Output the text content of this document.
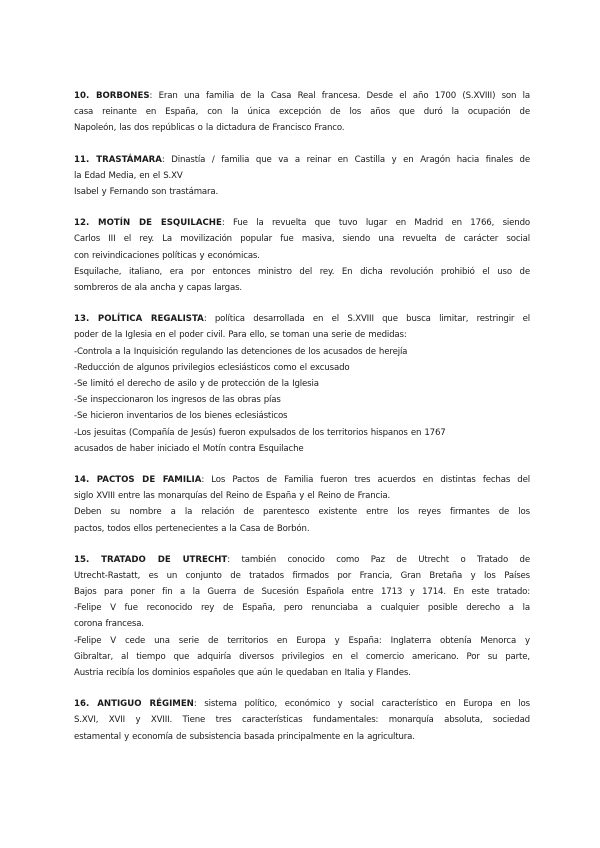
10. BORBONES: Eran una familia de la Casa Real francesa. Desde el año 1700 (S.XVIII) son la
casa reinante en España, con la única excepción de los años que duró la ocupación de
Napoleón, las dos repúblicas o la dictadura de Francisco Franco.
11. TRASTÁMARA: Dinastía / familia que va a reinar en Castilla y en Aragón hacia finales de
la Edad Media, en el S.XV
Isabel y Fernando son trastámara.
12. MOTÍN DE ESQUILACHE: Fue la revuelta que tuvo lugar en Madrid en 1766, siendo
Carlos III el rey. La movilización popular fue masiva, siendo una revuelta de carácter social
con reivindicaciones políticas y económicas.
Esquilache, italiano, era por entonces ministro del rey. En dicha revolución prohibió el uso de
sombreros de ala ancha y capas largas.
13. POLÍTICA REGALISTA: política desarrollada en el S.XVIII que busca limitar, restringir el
poder de la Iglesia en el poder civil. Para ello, se toman una serie de medidas:
-Controla a la Inquisición regulando las detenciones de los acusados de herejía
-Reducción de algunos privilegios eclesiásticos como el excusado
-Se limitó el derecho de asilo y de protección de la Iglesia
-Se inspeccionaron los ingresos de las obras pías
-Se hicieron inventarios de los bienes eclesiásticos
-Los jesuitas (Compañía de Jesús) fueron expulsados de los territorios hispanos en 1767
acusados de haber iniciado el Motín contra Esquilache
14. PACTOS DE FAMILIA: Los Pactos de Familia fueron tres acuerdos en distintas fechas del
siglo XVIII entre las monarquías del Reino de España y el Reino de Francia.
Deben su nombre a la relación de parentesco existente entre los reyes firmantes de los
pactos, todos ellos pertenecientes a la Casa de Borbón.
15. TRATADO DE UTRECHT: también conocido como Paz de Utrecht o Tratado de
Utrecht-Rastatt, es un conjunto de tratados firmados por Francia, Gran Bretaña y los Países
Bajos para poner fin a la Guerra de Sucesión Española entre 1713 y 1714. En este tratado:
-Felipe V fue reconocido rey de España, pero renunciaba a cualquier posible derecho a la
corona francesa.
-Felipe V cede una serie de territorios en Europa y España: Inglaterra obtenía Menorca y
Gibraltar, al tiempo que adquiría diversos privilegios en el comercio americano. Por su parte,
Austria recibía los dominios españoles que aún le quedaban en Italia y Flandes.
16. ANTIGUO RÉGIMEN: sistema político, económico y social característico en Europa en los
S.XVI, XVII y XVIII. Tiene tres características fundamentales: monarquía absoluta, sociedad
estamental y economía de subsistencia basada principalmente en la agricultura.
